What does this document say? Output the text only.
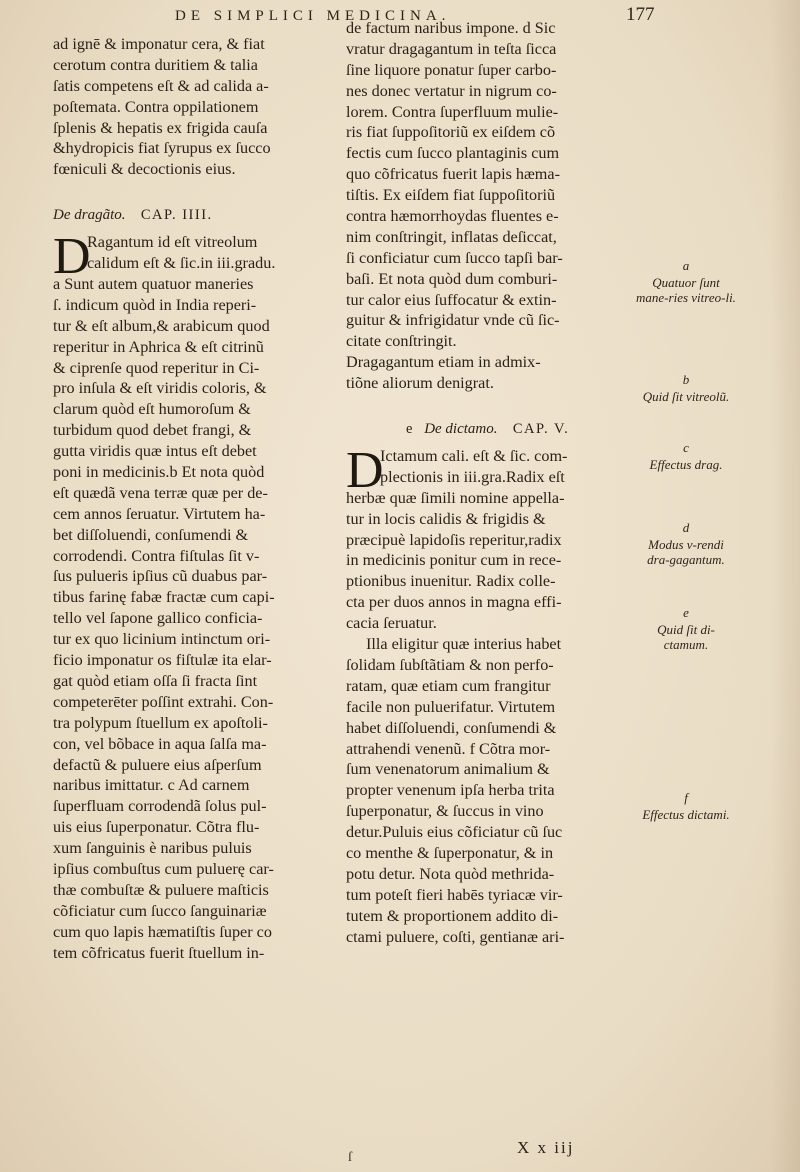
DE SIMPLICI MEDICINA.	177
ad ignē & imponatur cera, & fiat
cerotum contra duritiem & talia
ſatis competens eſt & ad calida a-
poſtemata. Contra oppilationem
ſplenis & hepatis ex frigida cauſa
&hydropicis fiat ſyrupus ex ſucco
fœniculi & decoctionis eius.
De dragãto. CAP. IIII.
D
Ragantum id eſt vitreolum
calidum eſt & ſic.in iii.gradu.
a Sunt autem quatuor maneries
ſ. indicum quòd in India reperi-
tur & eſt album,& arabicum quod
reperitur in Aphrica & eſt citrinũ
& ciprenſe quod reperitur in Ci-
pro inſula & eſt viridis coloris, &
clarum quòd eſt humoroſum &
turbidum quod debet frangi, &
gutta viridis quæ intus eſt debet
poni in medicinis.b Et nota quòd
eſt quædã vena terræ quæ per de-
cem annos ſeruatur. Virtutem ha-
bet diſſoluendi, conſumendi &
corrodendi. Contra fiſtulas ſit v-
ſus pulueris ipſius cũ duabus par-
tibus farinę fabæ fractæ cum capi-
tello vel ſapone gallico conficia-
tur ex quo licinium intinctum ori-
ficio imponatur os fiſtulæ ita elar-
gat quòd etiam oſſa ſi fracta ſint
competerēter poſſint extrahi. Con-
tra polypum ſtuellum ex apoſtoli-
con, vel bõbace in aqua ſalſa ma-
defactũ & puluere eius aſperſum
naribus imittatur. c Ad carnem
ſuperfluam corrodendã ſolus pul-
uis eius ſuperponatur. Cõtra flu-
xum ſanguinis è naribus puluis
ipſius combuſtus cum puluerę car-
thæ combuſtæ & puluere maſticis
cõficiatur cum ſucco ſanguinariæ
cum quo lapis hæmatiſtis ſuper co
tem cõfricatus fuerit ſtuellum in-
de factum naribus impone. d Sic
vratur dragagantum in teſta ſicca
ſine liquore ponatur ſuper carbo-
nes donec vertatur in nigrum co-
lorem. Contra ſuperfluum mulie-
ris fiat ſuppoſitoriũ ex eiſdem cõ
fectis cum ſucco plantaginis cum
quo cõfricatus fuerit lapis hæma-
tiſtis. Ex eiſdem fiat ſuppoſitoriũ
contra hæmorrhoydas fluentes e-
nim conſtringit, inflatas deſiccat,
ſi conficiatur cum ſucco tapſi bar-
baſi. Et nota quòd dum comburi-
tur calor eius ſuffocatur & extin-
guitur & infrigidatur vnde cũ ſic-
citate conſtringit.
Dragagantum etiam in admix-
tiõne aliorum denigrat.
e De dictamo. CAP. V.
D
Ictamum cali. eſt & ſic. com-
plectionis in iii.gra.Radix eſt
herbæ quæ ſimili nomine appella-
tur in locis calidis & frigidis &
præcipuè lapidoſis reperitur,radix
in medicinis ponitur cum in rece-
ptionibus inuenitur. Radix colle-
cta per duos annos in magna effi-
cacia ſeruatur.
Illa eligitur quæ interius habet
ſolidam ſubſtãtiam & non perfo-
ratam, quæ etiam cum frangitur
facile non puluerifatur. Virtutem
habet diſſoluendi, conſumendi &
attrahendi venenũ. f Cõtra mor-
ſum venenatorum animalium &
propter venenum ipſa herba trita
ſuperponatur, & ſuccus in vino
detur.Puluis eius cõficiatur cũ ſuc
co menthe & ſuperponatur, & in
potu detur. Nota quòd methrida-
tum poteſt fieri habēs tyriacæ vir-
tutem & proportionem addito di-
ctami puluere, coſti, gentianæ ari-
a
Quatuor ſunt mane-ries vitreo-li.
b
Quid ſit vitreolũ.
c
Effectus drag.
d
Modus v-rendi dra-gagantum.
e
Quid ſit di-ctamum.
f
Effectus dictami.
X x iij
ſ
